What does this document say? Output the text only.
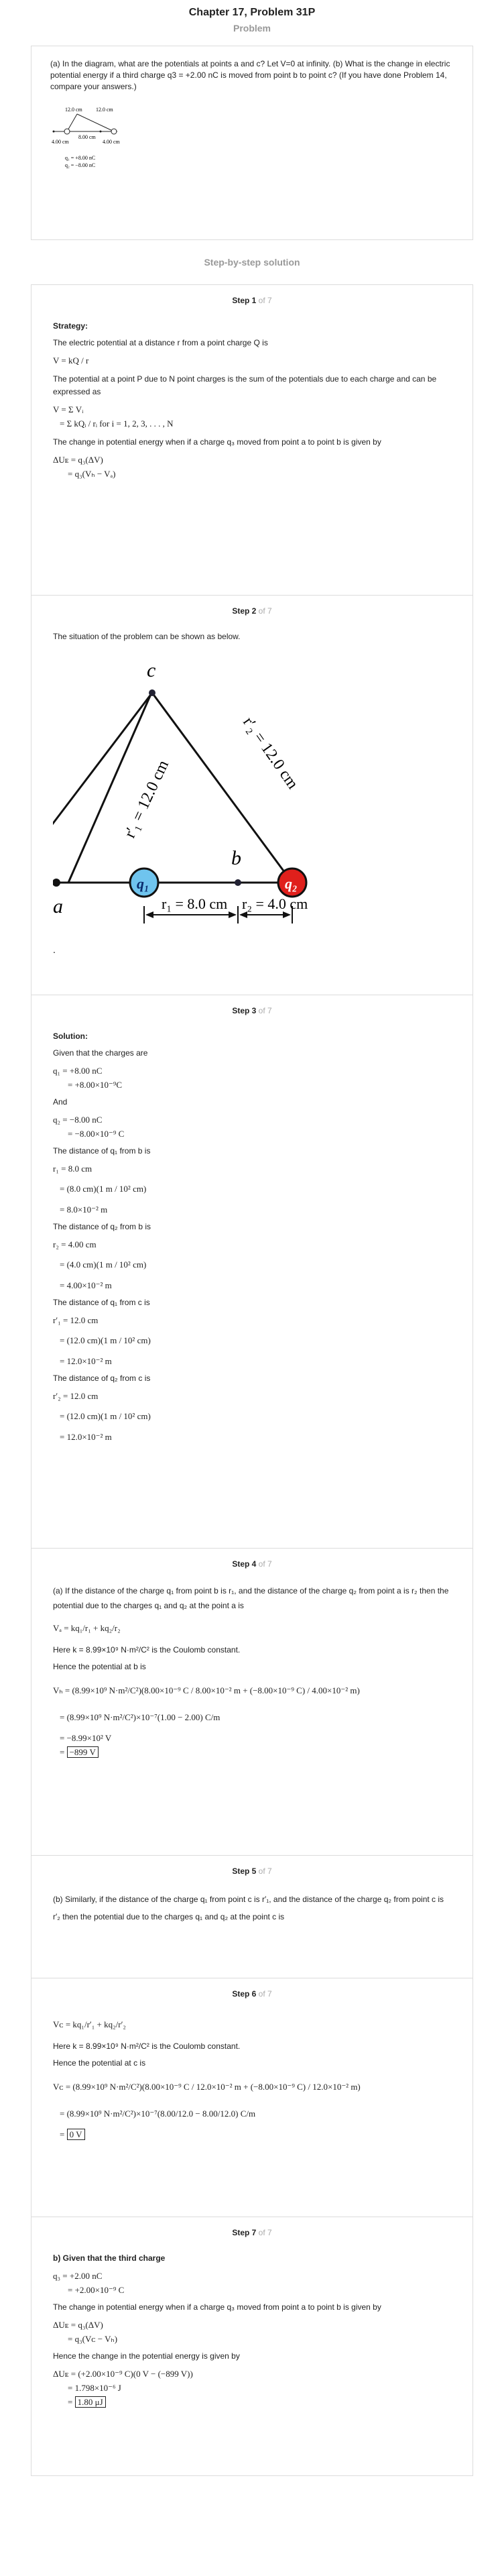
Chapter 17, Problem 31P
Problem
(a) In the diagram, what are the potentials at points a and c? Let V=0 at infinity. (b) What is the change in electric potential energy if a third charge q3 = +2.00 nC is moved from point b to point c? (If you have done Problem 14, compare your answers.)
12.0 cm	12.0 cm
4.00 cm
8.00 cm
4.00 cm
q₁ = +8.00 nC
q₂ = −8.00 nC
Step-by-step solution
Step 1 of 7

Strategy:

The electric potential at a distance r from a point charge Q is

V = kQ / r

The potential at a point P due to N point charges is the sum of the potentials due to each charge and can be expressed as

V = Σ Vᵢ
= Σ kQᵢ / rᵢ for i = 1, 2, 3, . . . , N

The change in potential energy when if a charge q₃ moved from point a to point b is given by

ΔUᴇ = q₃(ΔV)
= q₃(Vₕ − Vₐ)
Step 2 of 7

The situation of the problem can be shown as below.

q₁	q₂
c
b
a
r′₁ = 12.0 cm
r′₂ = 12.0 cm
r₁ = 8.0 cm r₂ = 4.0 cm
.
Step 3 of 7

Solution:

Given that the charges are

q₁ = +8.00 nC
= +8.00×10⁻⁹C

And

q₂ = −8.00 nC
= −8.00×10⁻⁹ C

The distance of q₁ from b is

r₁ = 8.0 cm
= (8.0 cm)(1 m / 10² cm)
= 8.0×10⁻² m

The distance of q₂ from b is

r₂ = 4.00 cm
= (4.0 cm)(1 m / 10² cm)
= 4.00×10⁻² m

The distance of q₁ from c is

r′₁ = 12.0 cm
= (12.0 cm)(1 m / 10² cm)
= 12.0×10⁻² m

The distance of q₂ from c is

r′₂ = 12.0 cm
= (12.0 cm)(1 m / 10² cm)
= 12.0×10⁻² m
Step 4 of 7

(a) If the distance of the charge q₁ from point b is r₁, and the distance of the charge q₂ from point a is r₂ then the potential due to the charges q₁ and q₂ at the point a is

Vₐ = kq₁/r₁ + kq₂/r₂

Here k = 8.99×10⁹ N·m²/C² is the Coulomb constant.

Hence the potential at b is

Vₕ = (8.99×10⁹ N·m²/C²)(8.00×10⁻⁹ C / 8.00×10⁻² m + (−8.00×10⁻⁹ C) / 4.00×10⁻² m)
= (8.99×10⁹ N·m²/C²)×10⁻⁷(1.00 − 2.00) C/m
= −8.99×10² V
= −899 V
Step 5 of 7

(b) Similarly, if the distance of the charge q₁ from point c is r′₁, and the distance of the charge q₂ from point c is r′₂ then the potential due to the charges q₁ and q₂ at the point c is

Step 6 of 7
Vᴄ = kq₁/r′₁ + kq₂/r′₂

Here k = 8.99×10⁹ N·m²/C² is the Coulomb constant.

Hence the potential at c is

Vᴄ = (8.99×10⁹ N·m²/C²)(8.00×10⁻⁹ C / 12.0×10⁻² m + (−8.00×10⁻⁹ C) / 12.0×10⁻² m)
= (8.99×10⁹ N·m²/C²)×10⁻⁷(8.00/12.0 − 8.00/12.0) C/m
= 0 V
Step 7 of 7

b) Given that the third charge

q₃ = +2.00 nC
= +2.00×10⁻⁹ C

The change in potential energy when if a charge q₃ moved from point a to point b is given by

ΔUᴇ = q₃(ΔV)
= q₃(Vᴄ − Vₕ)

Hence the change in the potential energy is given by

ΔUᴇ = (+2.00×10⁻⁹ C)(0 V − (−899 V))
= 1.798×10⁻⁶ J
= 1.80 μJ
